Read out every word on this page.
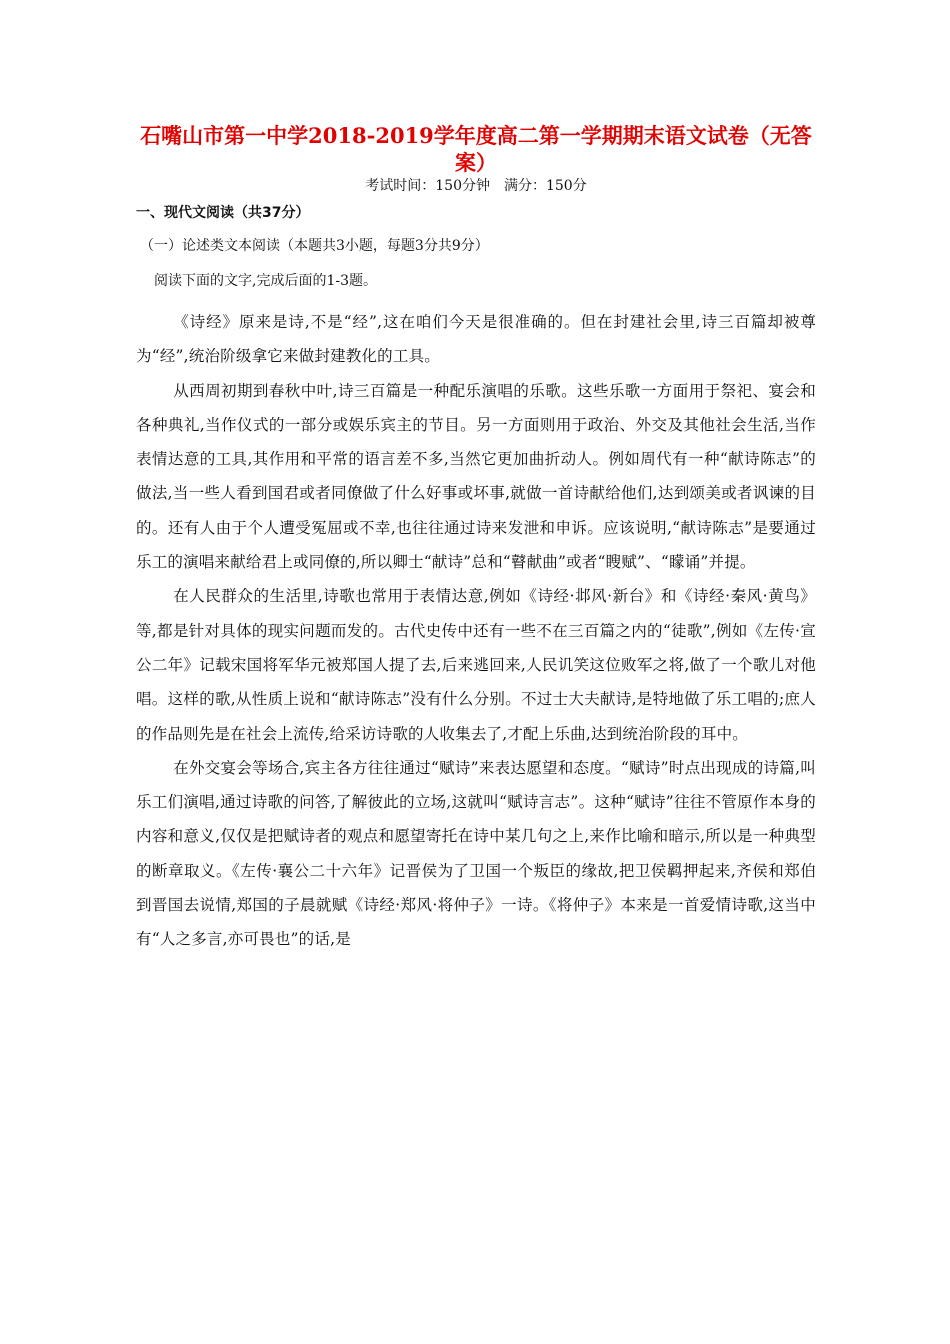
石嘴山市第一中学2018-2019学年度高二第一学期期末语文试卷（无答案）
考试时间：150分钟　满分：150分
一、现代文阅读（共37分）
（一）论述类文本阅读（本题共3小题，每题3分共9分）
阅读下面的文字,完成后面的1-3题。

《诗经》原来是诗,不是“经”,这在咱们今天是很准确的。但在封建社会里,诗三百篇却被尊为“经”,统治阶级拿它来做封建教化的工具。

从西周初期到春秋中叶,诗三百篇是一种配乐演唱的乐歌。这些乐歌一方面用于祭祀、宴会和各种典礼,当作仪式的一部分或娱乐宾主的节目。另一方面则用于政治、外交及其他社会生活,当作表情达意的工具,其作用和平常的语言差不多,当然它更加曲折动人。例如周代有一种“献诗陈志”的做法,当一些人看到国君或者同僚做了什么好事或坏事,就做一首诗献给他们,达到颂美或者讽谏的目的。还有人由于个人遭受冤屈或不幸,也往往通过诗来发泄和申诉。应该说明,“献诗陈志”是要通过乐工的演唱来献给君上或同僚的,所以卿士“献诗”总和“瞽献曲”或者“瞍赋”、“矇诵”并提。

在人民群众的生活里,诗歌也常用于表情达意,例如《诗经·邶风·新台》和《诗经·秦风·黄鸟》等,都是针对具体的现实问题而发的。古代史传中还有一些不在三百篇之内的“徒歌”,例如《左传·宣公二年》记载宋国将军华元被郑国人提了去,后来逃回来,人民讥笑这位败军之将,做了一个歌儿对他唱。这样的歌,从性质上说和“献诗陈志”没有什么分别。不过士大夫献诗,是特地做了乐工唱的;庶人的作品则先是在社会上流传,给采访诗歌的人收集去了,才配上乐曲,达到统治阶段的耳中。

在外交宴会等场合,宾主各方往往通过“赋诗”来表达愿望和态度。“赋诗”时点出现成的诗篇,叫乐工们演唱,通过诗歌的问答,了解彼此的立场,这就叫“赋诗言志”。这种“赋诗”往往不管原作本身的内容和意义,仅仅是把赋诗者的观点和愿望寄托在诗中某几句之上,来作比喻和暗示,所以是一种典型的断章取义。《左传·襄公二十六年》记晋侯为了卫国一个叛臣的缘故,把卫侯羁押起来,齐侯和郑伯到晋国去说情,郑国的子晨就赋《诗经·郑风·将仲子》一诗。《将仲子》本来是一首爱情诗歌,这当中有“人之多言,亦可畏也”的话,是
